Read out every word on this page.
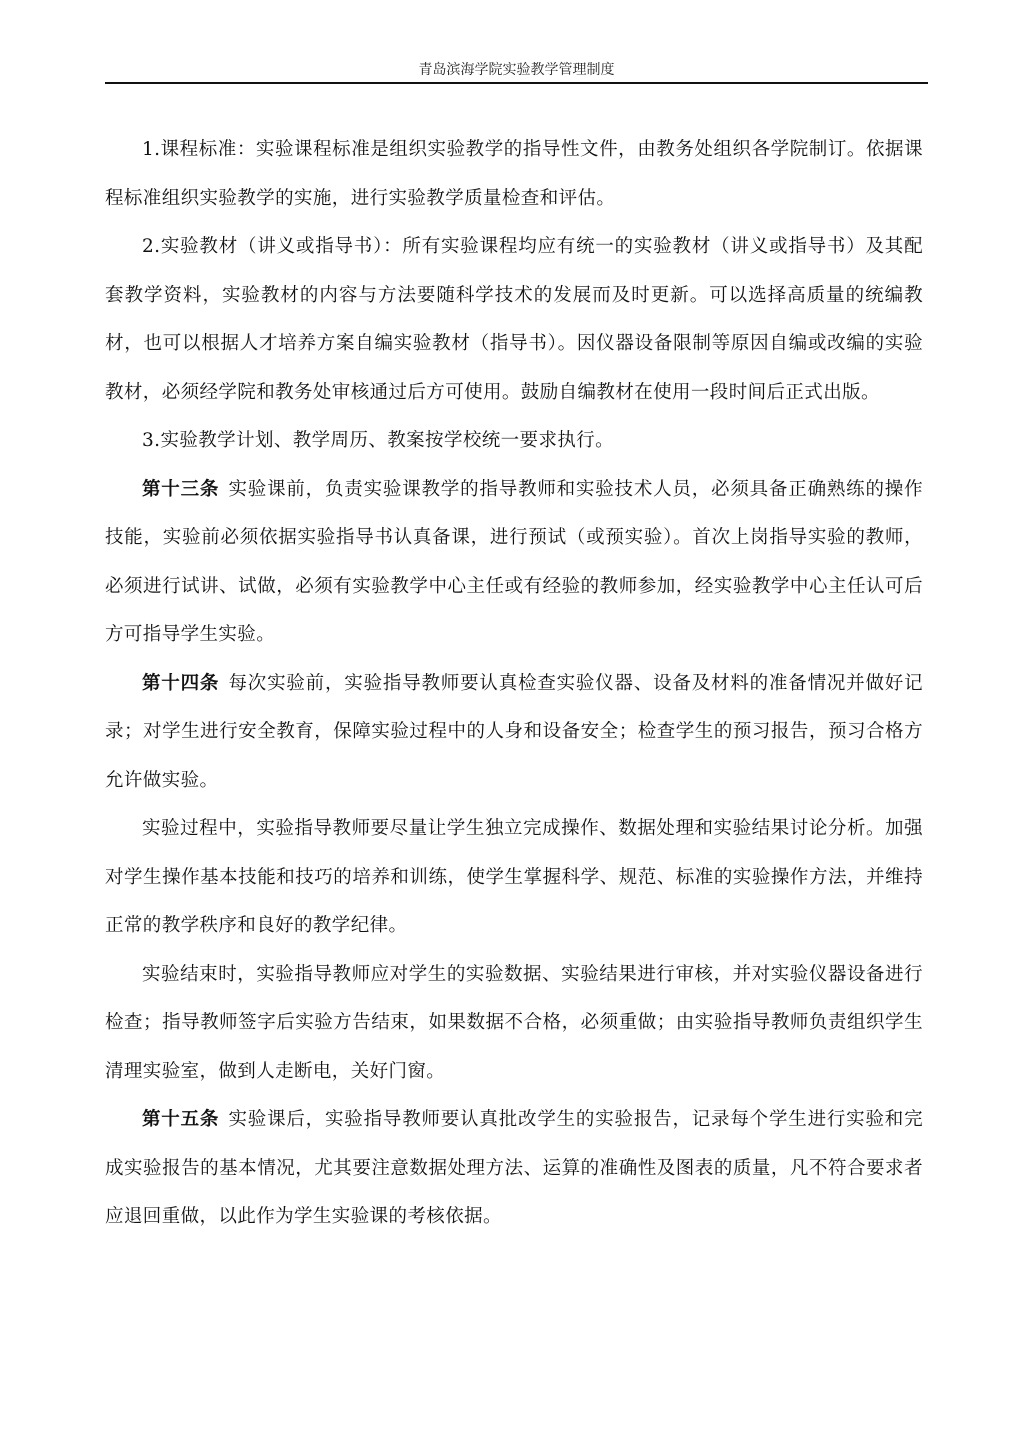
青岛滨海学院实验教学管理制度

1.课程标准：实验课程标准是组织实验教学的指导性文件，由教务处组织各学院制订。依据课程标准组织实验教学的实施，进行实验教学质量检查和评估。

2.实验教材（讲义或指导书）：所有实验课程均应有统一的实验教材（讲义或指导书）及其配套教学资料，实验教材的内容与方法要随科学技术的发展而及时更新。可以选择高质量的统编教材，也可以根据人才培养方案自编实验教材（指导书）。因仪器设备限制等原因自编或改编的实验教材，必须经学院和教务处审核通过后方可使用。鼓励自编教材在使用一段时间后正式出版。

3.实验教学计划、教学周历、教案按学校统一要求执行。

第十三条 实验课前，负责实验课教学的指导教师和实验技术人员，必须具备正确熟练的操作技能，实验前必须依据实验指导书认真备课，进行预试（或预实验）。首次上岗指导实验的教师，必须进行试讲、试做，必须有实验教学中心主任或有经验的教师参加，经实验教学中心主任认可后方可指导学生实验。

第十四条 每次实验前，实验指导教师要认真检查实验仪器、设备及材料的准备情况并做好记录；对学生进行安全教育，保障实验过程中的人身和设备安全；检查学生的预习报告，预习合格方允许做实验。

实验过程中，实验指导教师要尽量让学生独立完成操作、数据处理和实验结果讨论分析。加强对学生操作基本技能和技巧的培养和训练，使学生掌握科学、规范、标准的实验操作方法，并维持正常的教学秩序和良好的教学纪律。

实验结束时，实验指导教师应对学生的实验数据、实验结果进行审核，并对实验仪器设备进行检查；指导教师签字后实验方告结束，如果数据不合格，必须重做；由实验指导教师负责组织学生清理实验室，做到人走断电，关好门窗。

第十五条 实验课后，实验指导教师要认真批改学生的实验报告，记录每个学生进行实验和完成实验报告的基本情况，尤其要注意数据处理方法、运算的准确性及图表的质量，凡不符合要求者应退回重做，以此作为学生实验课的考核依据。
